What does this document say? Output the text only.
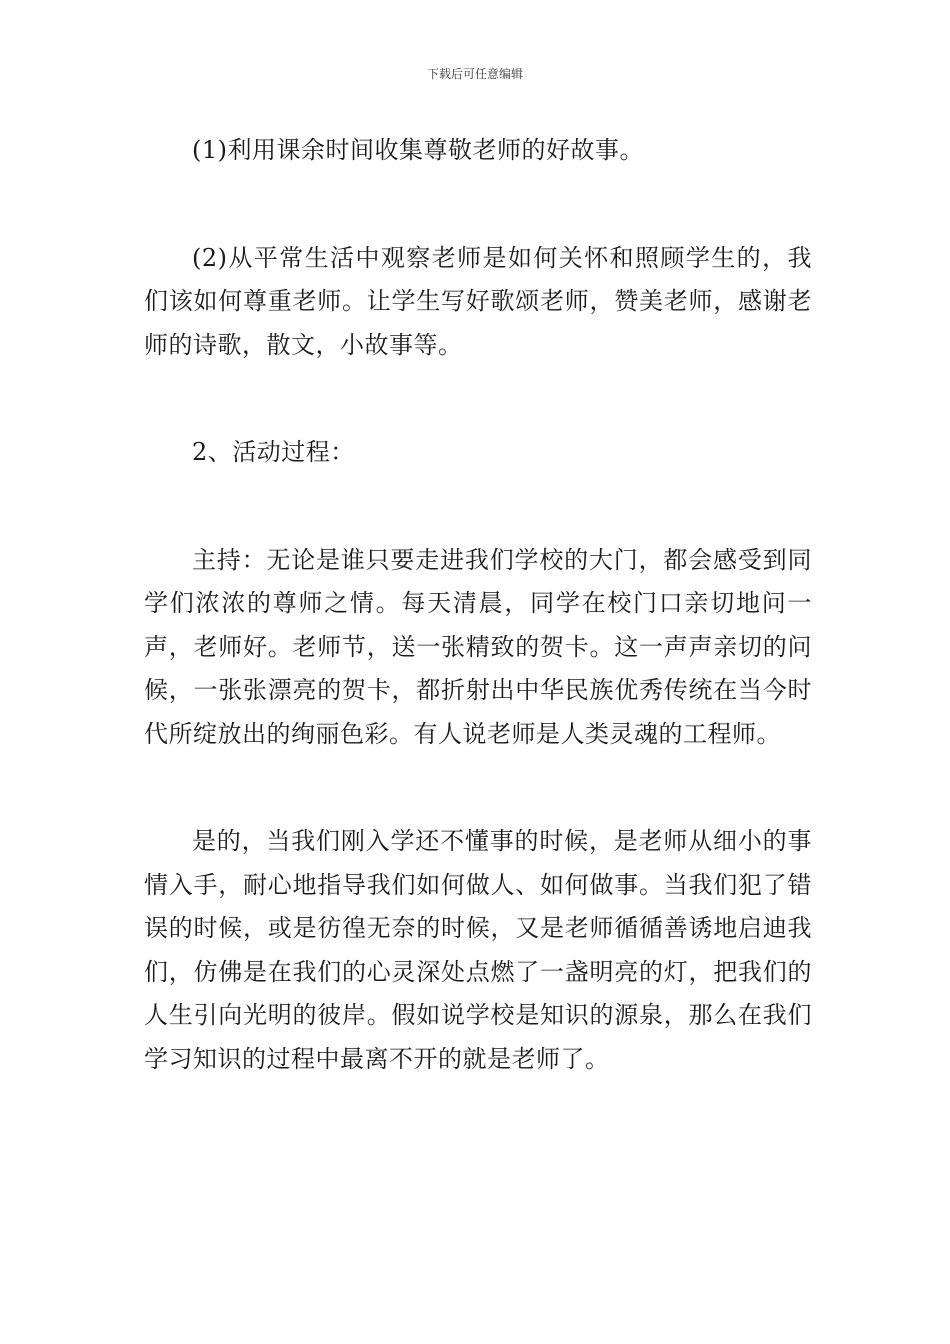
下载后可任意编辑

(1)利用课余时间收集尊敬老师的好故事。

(2)从平常生活中观察老师是如何关怀和照顾学生的，我们该如何尊重老师。让学生写好歌颂老师，赞美老师，感谢老师的诗歌，散文，小故事等。

2、活动过程：

主持：无论是谁只要走进我们学校的大门，都会感受到同学们浓浓的尊师之情。每天清晨，同学在校门口亲切地问一声，老师好。老师节，送一张精致的贺卡。这一声声亲切的问候，一张张漂亮的贺卡，都折射出中华民族优秀传统在当今时代所绽放出的绚丽色彩。有人说老师是人类灵魂的工程师。

是的，当我们刚入学还不懂事的时候，是老师从细小的事情入手，耐心地指导我们如何做人、如何做事。当我们犯了错误的时候，或是彷徨无奈的时候，又是老师循循善诱地启迪我们，仿佛是在我们的心灵深处点燃了一盏明亮的灯，把我们的人生引向光明的彼岸。假如说学校是知识的源泉，那么在我们学习知识的过程中最离不开的就是老师了。
